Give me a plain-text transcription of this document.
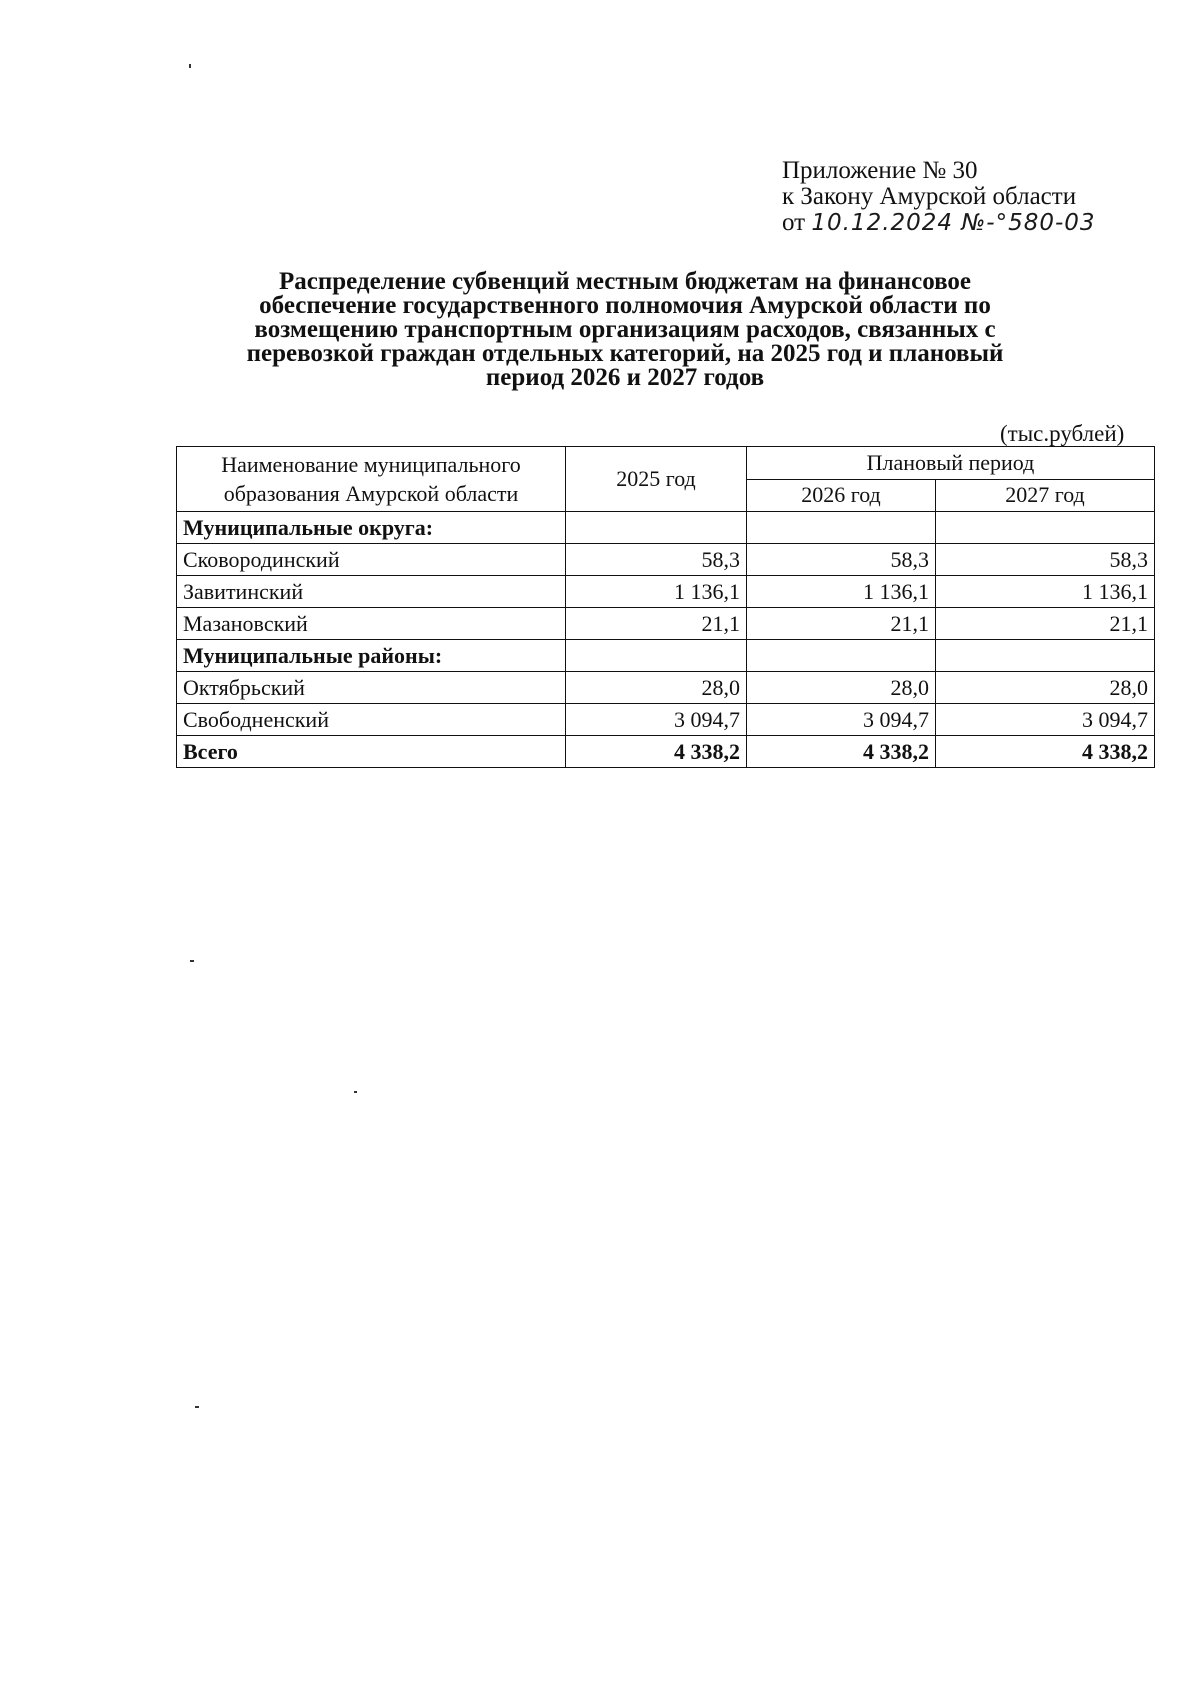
Приложение № 30
к Закону Амурской области
от 10.12.2024 №-°580-03
Распределение субвенций местным бюджетам на финансовое
обеспечение государственного полномочия Амурской области по
возмещению транспортным организациям расходов, связанных с
перевозкой граждан отдельных категорий, на 2025 год и плановый
период 2026 и 2027 годов
(тыс.рублей)
Наименование муниципального
образования Амурской области	2025 год	Плановый период	
		2026 год	2027 год
Муниципальные округа:			
Сковородинский	58,3	58,3	58,3
Завитинский	1 136,1	1 136,1	1 136,1
Мазановский	21,1	21,1	21,1
Муниципальные районы:			
Октябрьский	28,0	28,0	28,0
Свободненский	3 094,7	3 094,7	3 094,7
Всего	4 338,2	4 338,2	4 338,2
